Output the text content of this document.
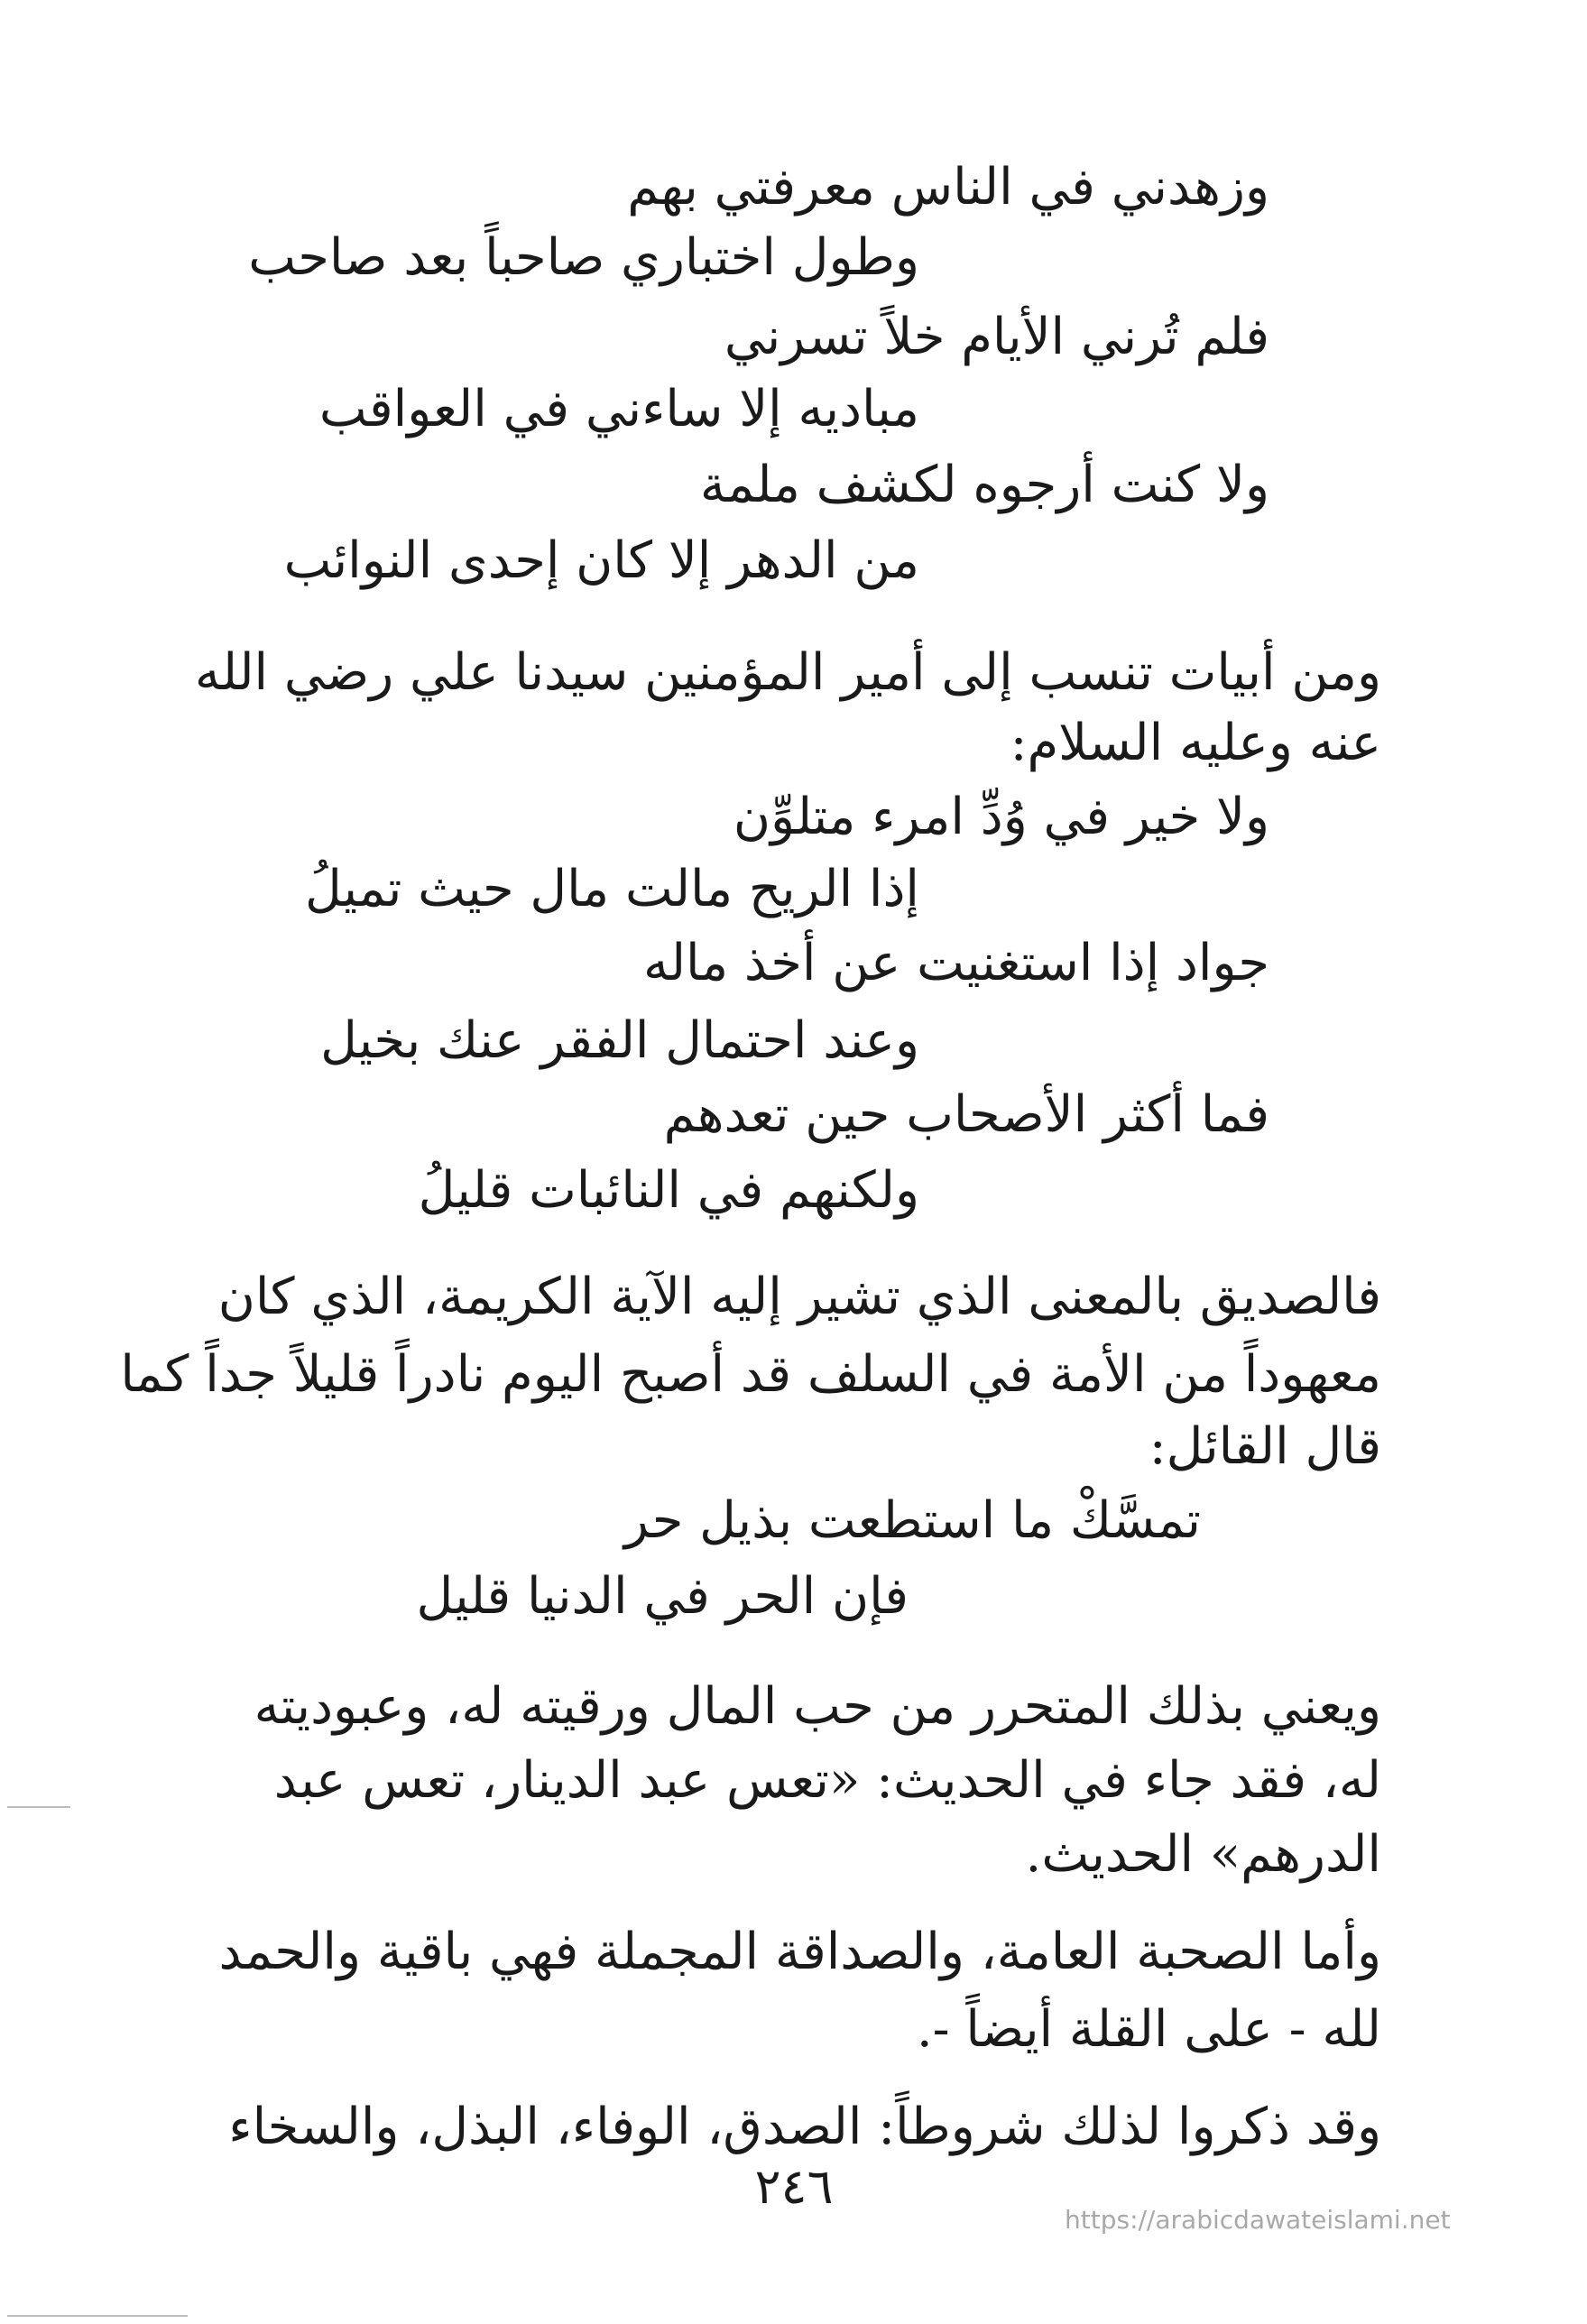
وزهدني في الناس معرفتي بهم
وطول اختباري صاحباً بعد صاحب
فلم تُرني الأيام خلاً تسرني
مباديه إلا ساءني في العواقب
ولا كنت أرجوه لكشف ملمة
من الدهر إلا كان إحدى النوائب
ومن أبيات تنسب إلى أمير المؤمنين سيدنا علي رضي الله
عنه وعليه السلام:
ولا خير في وُدِّ امرء متلوِّن
إذا الريح مالت مال حيث تميلُ
جواد إذا استغنيت عن أخذ ماله
وعند احتمال الفقر عنك بخيل
فما أكثر الأصحاب حين تعدهم
ولكنهم في النائبات قليلُ
فالصديق بالمعنى الذي تشير إليه الآية الكريمة، الذي كان
معهوداً من الأمة في السلف قد أصبح اليوم نادراً قليلاً جداً كما
قال القائل:
تمسَّكْ ما استطعت بذيل حر
فإن الحر في الدنيا قليل
ويعني بذلك المتحرر من حب المال ورقيته له، وعبوديته
له، فقد جاء في الحديث: «تعس عبد الدينار، تعس عبد
الدرهم» الحديث.
وأما الصحبة العامة، والصداقة المجملة فهي باقية والحمد
لله - على القلة أيضاً -.
وقد ذكروا لذلك شروطاً: الصدق، الوفاء، البذل، والسخاء
٢٤٦
https://arabicdawateislami.net
